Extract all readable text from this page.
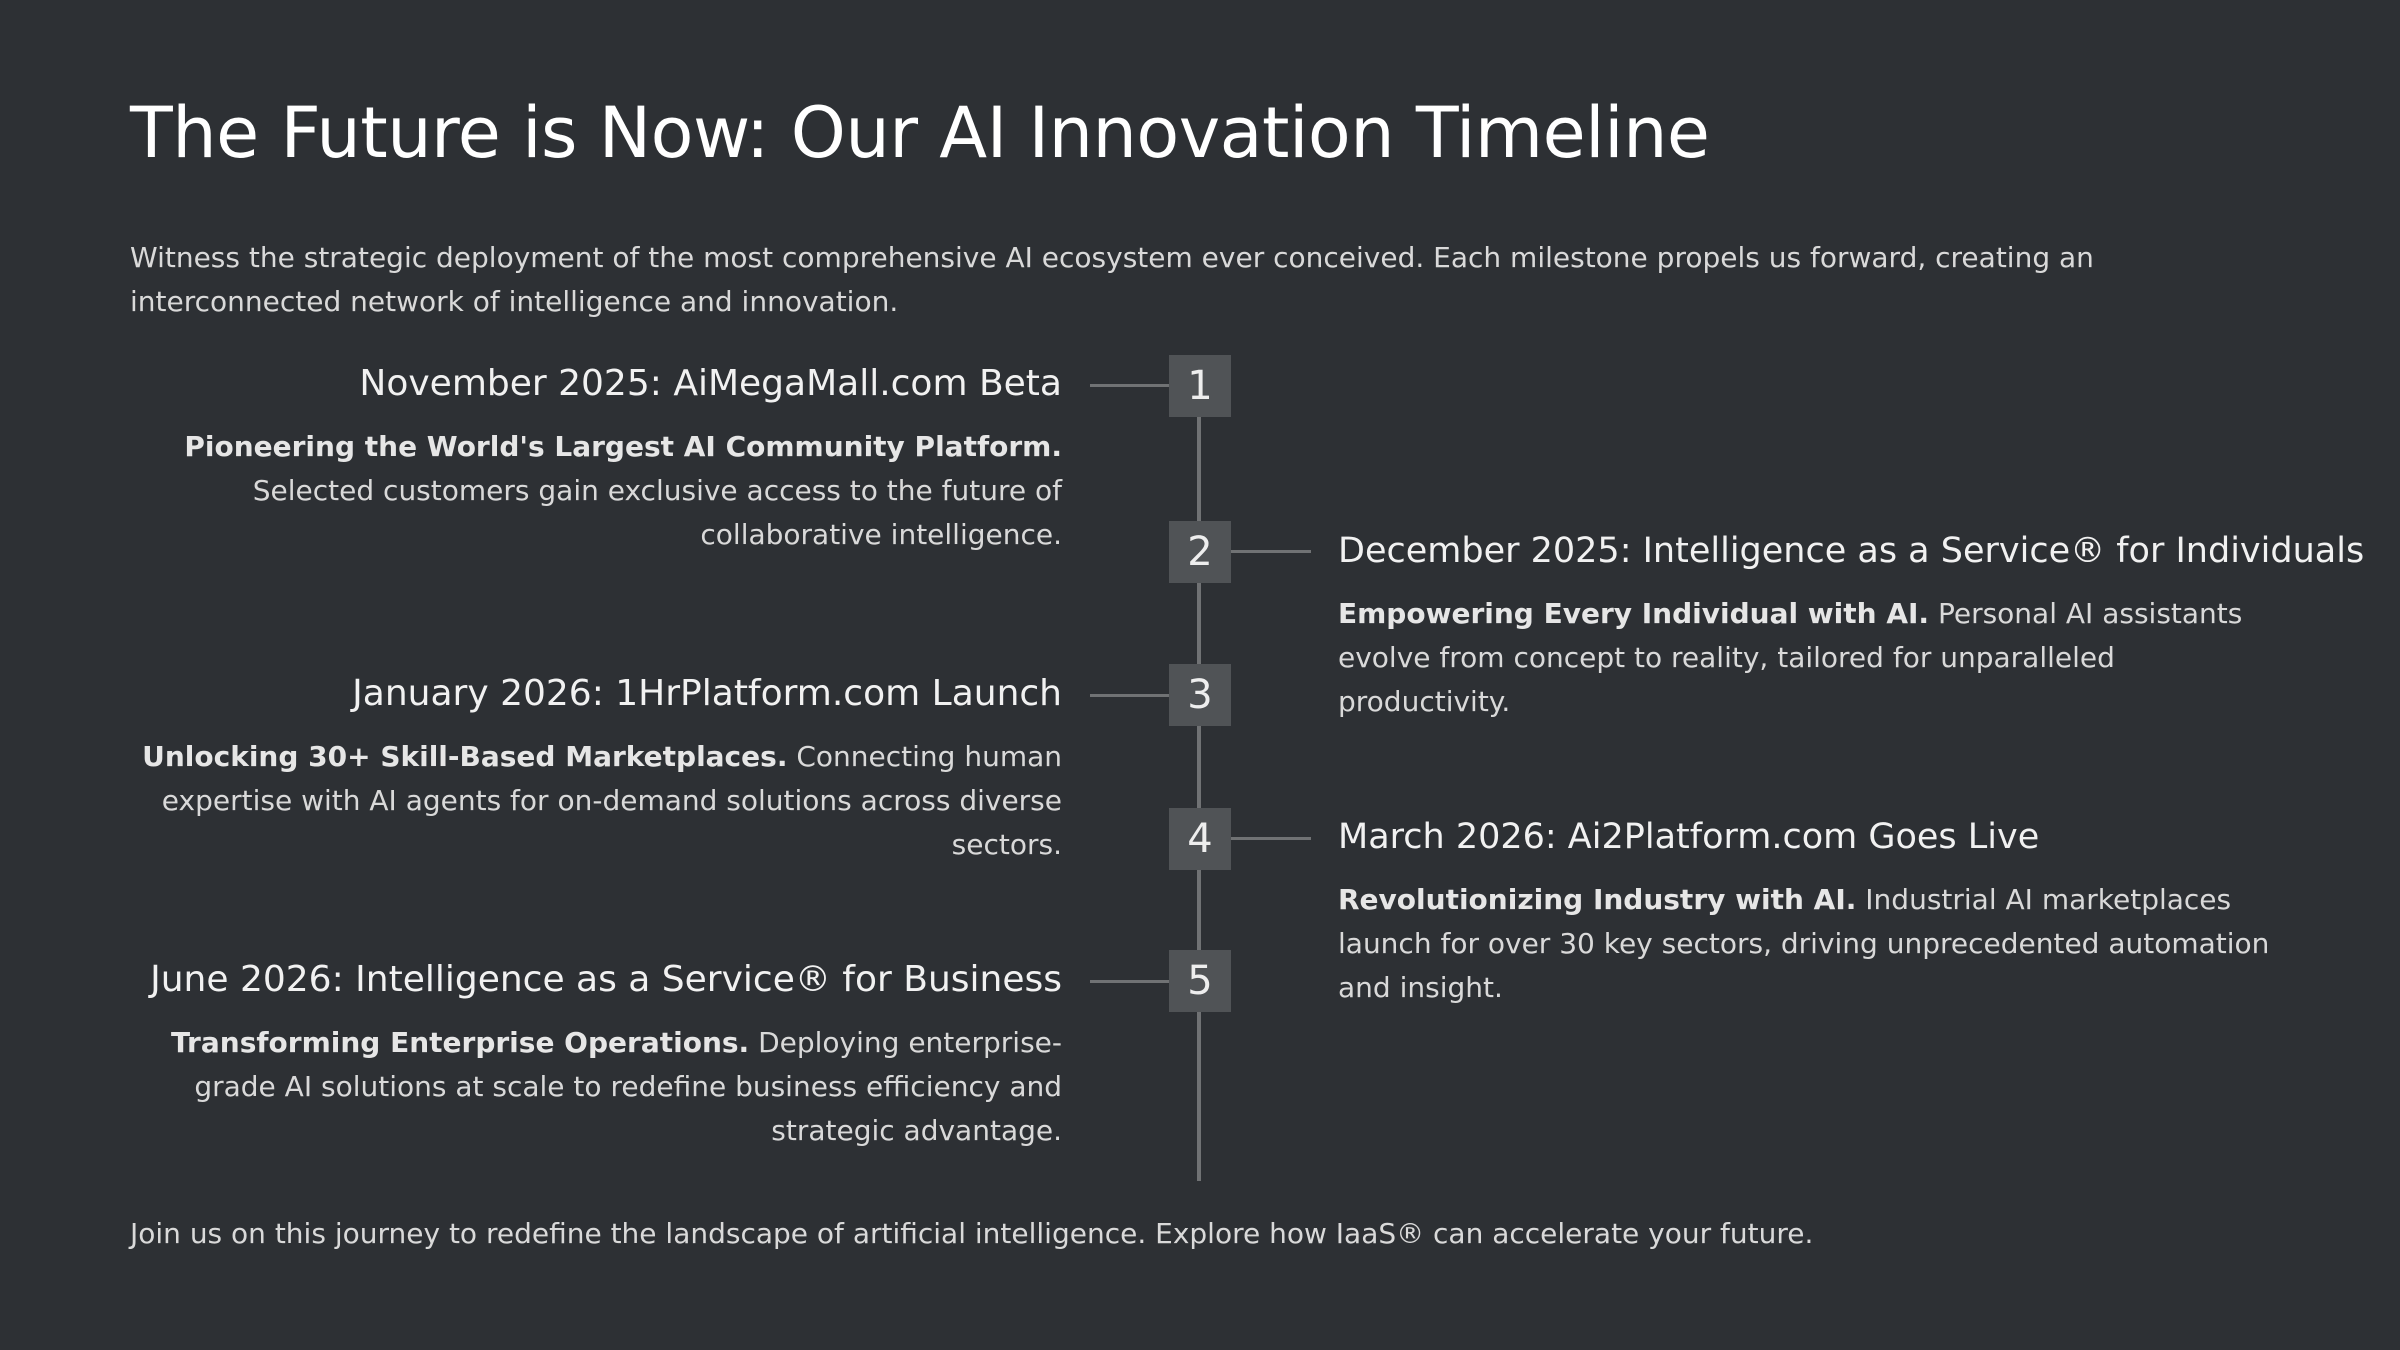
The Future is Now: Our AI Innovation Timeline

Witness the strategic deployment of the most comprehensive AI ecosystem ever conceived. Each milestone propels us forward, creating an interconnected network of intelligence and innovation.

1
November 2025: AiMegaMall.com Beta

Pioneering the World's Largest AI Community Platform. Selected customers gain exclusive access to the future of collaborative intelligence.	2	December 2025: Intelligence as a Service® for Individuals

Empowering Every Individual with AI. Personal AI assistants evolve from concept to reality, tailored for unparalleled productivity.

3
January 2026: 1HrPlatform.com Launch

Unlocking 30+ Skill-Based Marketplaces. Connecting human expertise with AI agents for on-demand solutions across diverse sectors.	4	March 2026: Ai2Platform.com Goes Live

Revolutionizing Industry with AI. Industrial AI marketplaces launch for over 30 key sectors, driving unprecedented automation and insight.

5
June 2026: Intelligence as a Service® for Business

Transforming Enterprise Operations. Deploying enterprise-grade AI solutions at scale to redefine business efficiency and strategic advantage.

Join us on this journey to redefine the landscape of artificial intelligence. Explore how IaaS® can accelerate your future.
